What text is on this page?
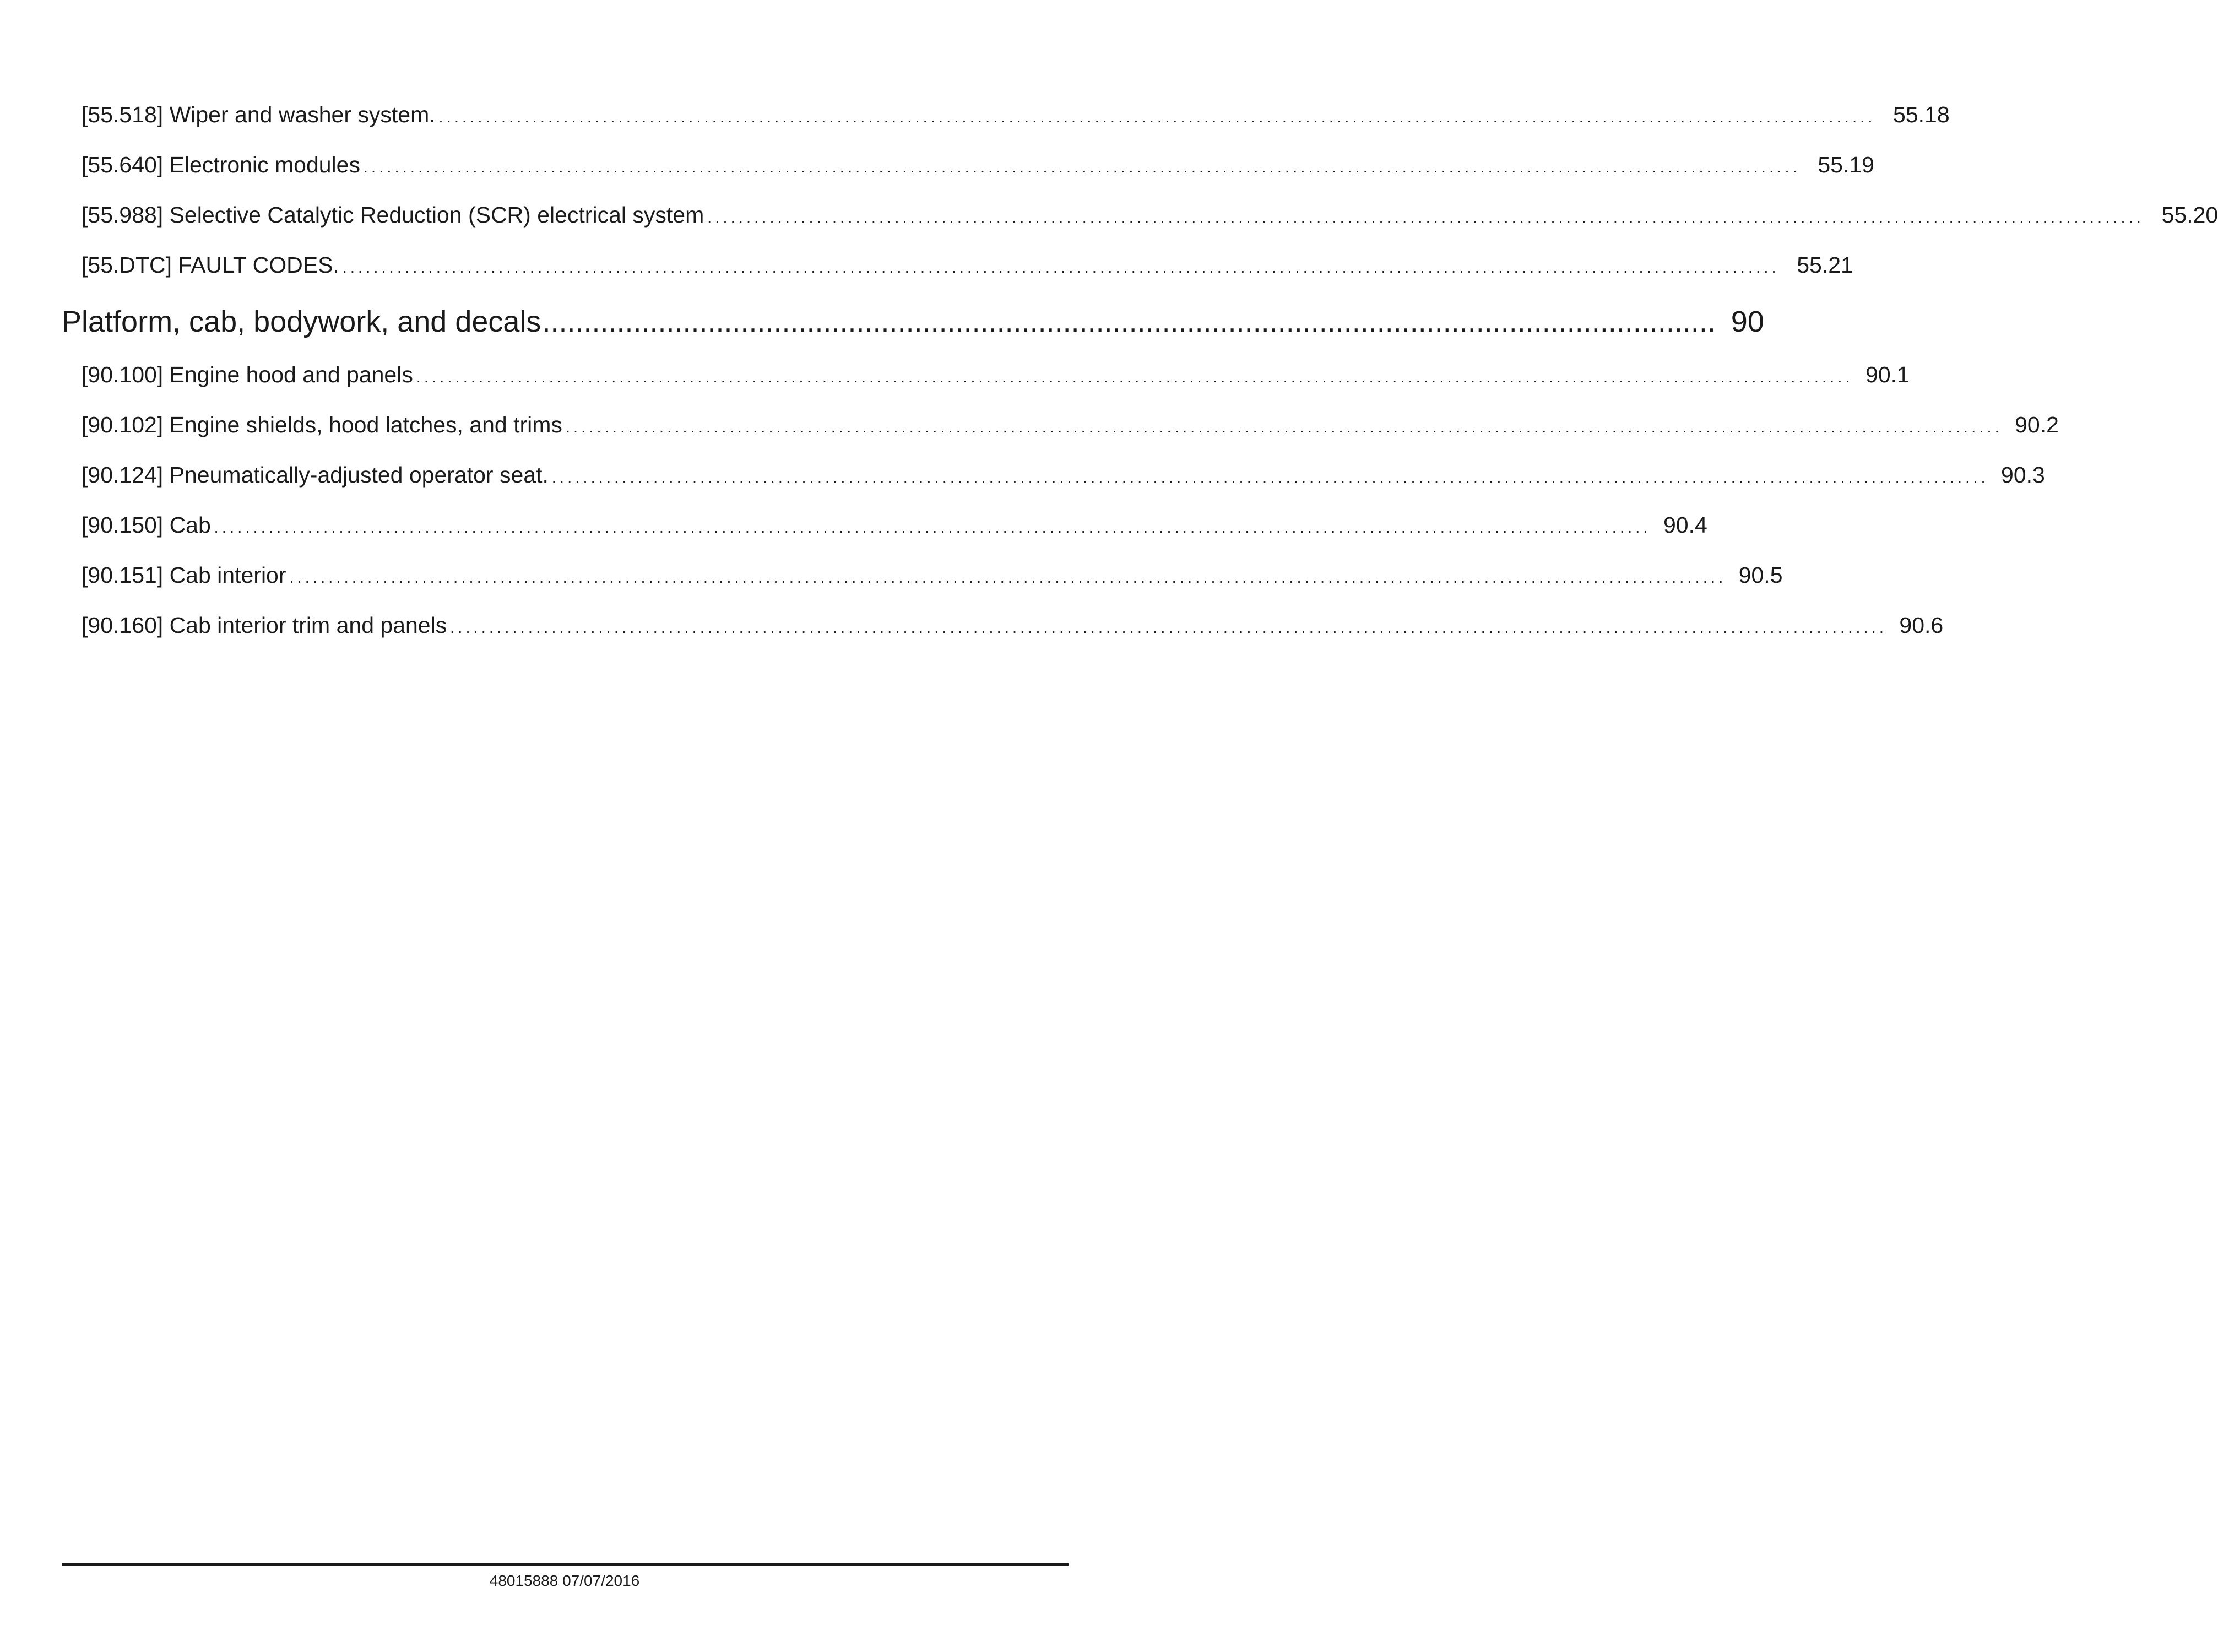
[55.518] Wiper and washer system. ........................................................................................................................................................................................ 55.18
[55.640] Electronic modules ........................................................................................................................................................................................ 55.19
[55.988] Selective Catalytic Reduction (SCR) electrical system ........................................................................................................................................................................................ 55.20
[55.DTC] FAULT CODES. ........................................................................................................................................................................................ 55.21
Platform, cab, bodywork, and decals .............................................................................................................................................. 90
[90.100] Engine hood and panels ........................................................................................................................................................................................ 90.1
[90.102] Engine shields, hood latches, and trims ........................................................................................................................................................................................ 90.2
[90.124] Pneumatically-adjusted operator seat. ........................................................................................................................................................................................ 90.3
[90.150] Cab ........................................................................................................................................................................................ 90.4
[90.151] Cab interior ........................................................................................................................................................................................ 90.5
[90.160] Cab interior trim and panels ........................................................................................................................................................................................ 90.6
48015888 07/07/2016
